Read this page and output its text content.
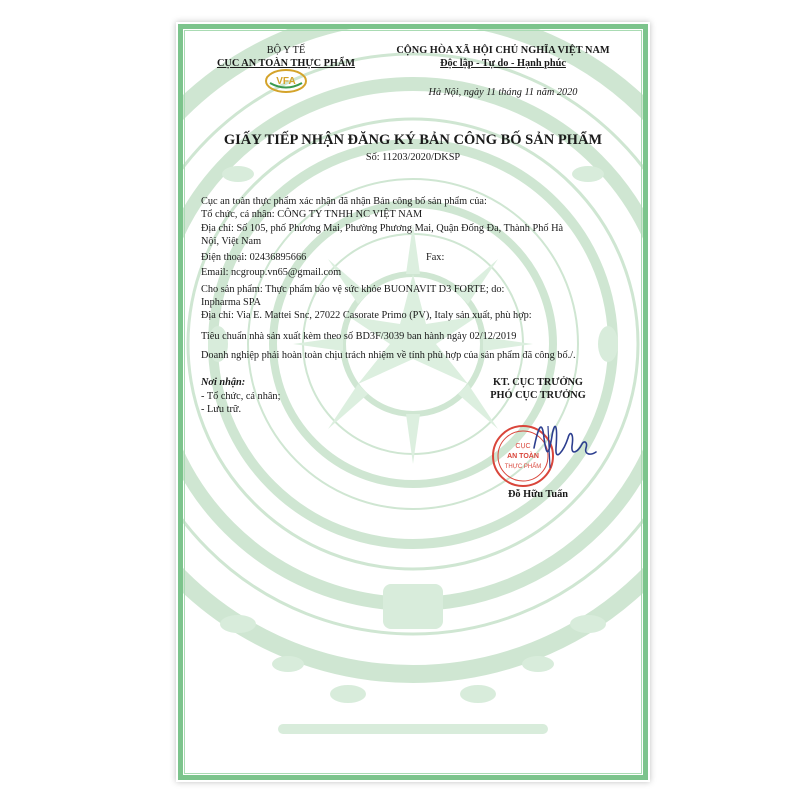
BỘ Y TẾ
CỤC AN TOÀN THỰC PHẨM
VFA
CỘNG HÒA XÃ HỘI CHỦ NGHĨA VIỆT NAM
Độc lập - Tự do - Hạnh phúc
Hà Nội, ngày 11 tháng 11 năm 2020
GIẤY TIẾP NHẬN ĐĂNG KÝ BẢN CÔNG BỐ SẢN PHẨM
Số: 11203/2020/DKSP
Cục an toàn thực phẩm xác nhận đã nhận Bản công bố sản phẩm của:
Tổ chức, cá nhân: CÔNG TY TNHH NC VIỆT NAM
Địa chỉ: Số 105, phố Phương Mai, Phường Phương Mai, Quận Đống Đa, Thành Phố Hà
Nội, Việt Nam
Điện thoại: 02436895666	Fax:
Email: ncgroup.vn65@gmail.com
Cho sản phẩm: Thực phẩm bảo vệ sức khỏe BUONAVIT D3 FORTE; do:
Inpharma SPA
Địa chỉ: Via E. Mattei Snc, 27022 Casorate Primo (PV), Italy sản xuất, phù hợp:
Tiêu chuẩn nhà sản xuất kèm theo số BD3F/3039 ban hành ngày 02/12/2019
Doanh nghiệp phải hoàn toàn chịu trách nhiệm về tính phù hợp của sản phẩm đã công bố./.
Nơi nhận:
- Tổ chức, cá nhân;
- Lưu trữ.
KT. CỤC TRƯỞNG
PHÓ CỤC TRƯỞNG
CỤC
AN TOÀN
THỰC PHẨM
Đỗ Hữu Tuấn
